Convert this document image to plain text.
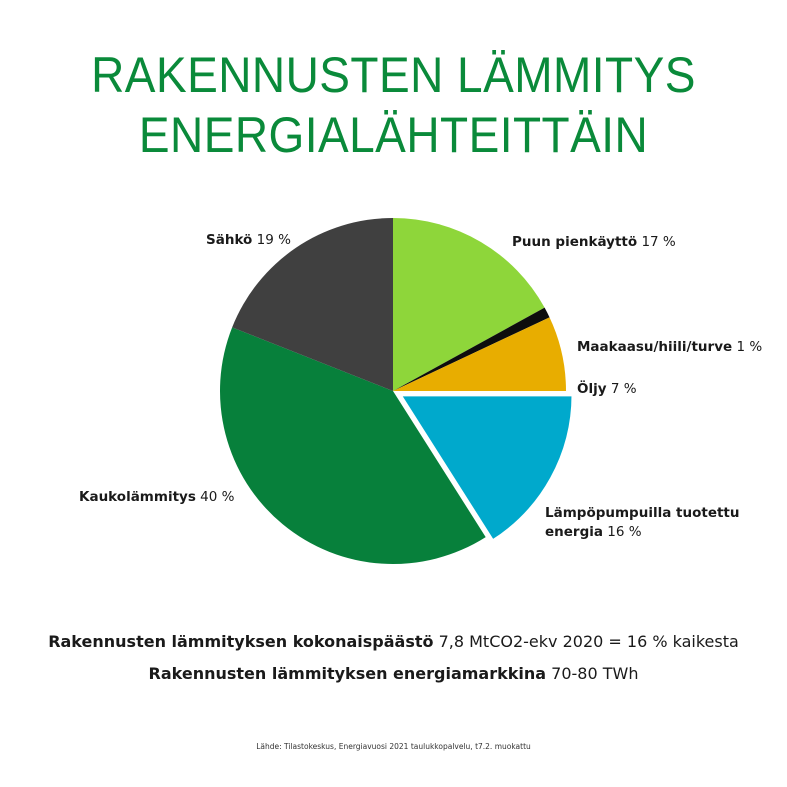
RAKENNUSTEN LÄMMITYS
ENERGIALÄHTEITTÄIN
Puun pienkäyttö 17 %
Maakaasu/hiili/turve 1 %
Öljy 7 %
Lämpöpumpuilla tuotettu
energia 16 %
Kaukolämmitys 40 %
Sähkö 19 %
Rakennusten lämmityksen kokonaispäästö 7,8 MtCO2-ekv 2020 = 16 % kaikesta
Rakennusten lämmityksen energiamarkkina 70-80 TWh
Lähde: Tilastokeskus, Energiavuosi 2021 taulukkopalvelu, t7.2. muokattu
